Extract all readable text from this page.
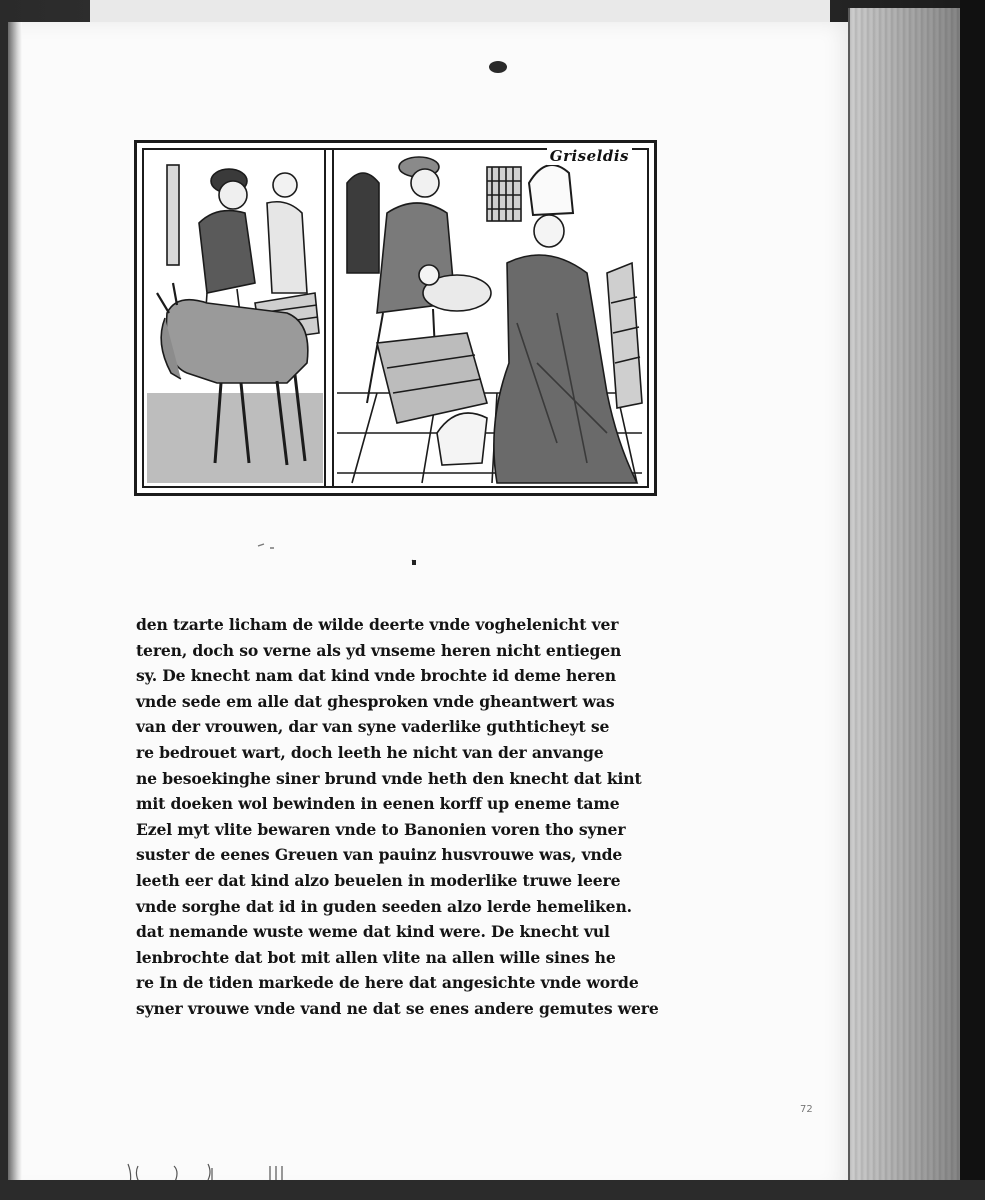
Griseldis
den tzarte licham de wilde deerte vnde voghelenicht ver
teren, doch so verne als yd vnseme heren nicht entiegen
sy. De knecht nam dat kind vnde brochte id deme heren
vnde sede em alle dat ghesproken vnde gheantwert was
van der vrouwen, dar van syne vaderlike guthticheyt se
re bedrouet wart, doch leeth he nicht van der anvange
ne besoekinghe siner brund vnde heth den knecht dat kint
mit doeken wol bewinden in eenen korff up eneme tame
Ezel myt vlite bewaren vnde to Banonien voren tho syner
suster de eenes Greuen van pauinz husvrouwe was, vnde
leeth eer dat kind alzo beuelen in moderlike truwe leere
vnde sorghe dat id in guden seeden alzo lerde hemeliken.
dat nemande wuste weme dat kind were. De knecht vul
lenbrochte dat bot mit allen vlite na allen wille sines he
re In de tiden markede de here dat angesichte vnde worde
syner vrouwe vnde vand ne dat se enes andere gemutes were
72
